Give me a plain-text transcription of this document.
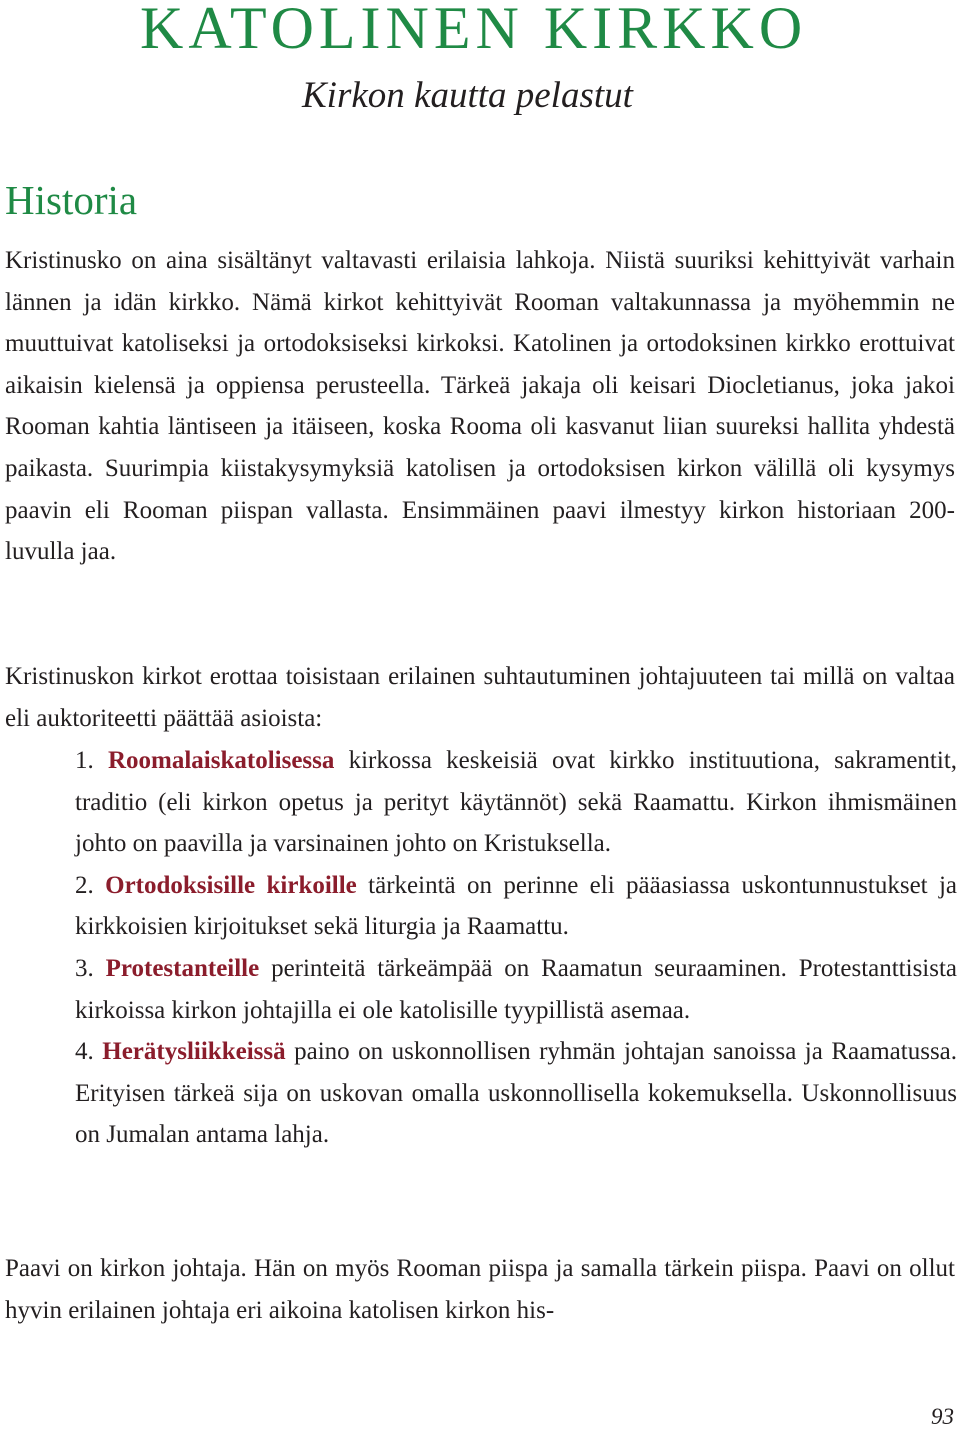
KATOLINEN KIRKKO
Kirkon kautta pelastut
Historia

Kristinusko on aina sisältänyt valtavasti erilaisia lahkoja. Niistä suuriksi kehittyivät varhain lännen ja idän kirkko. Nämä kirkot kehittyivät Rooman valtakunnassa ja myöhemmin ne muuttuivat katoliseksi ja ortodoksiseksi kirkoksi. Katolinen ja ortodoksinen kirkko erottuivat aikaisin kielensä ja oppiensa perusteella. Tärkeä jakaja oli keisari Diocletianus, joka jakoi Rooman kahtia läntiseen ja itäiseen, koska Rooma oli kasvanut liian suureksi hallita yhdestä paikasta. Suurimpia kiistakysymyksiä katolisen ja ortodoksisen kirkon välillä oli kysymys paavin eli Rooman piispan vallasta. Ensimmäinen paavi ilmestyy kirkon historiaan 200-luvulla jaa.

Kristinuskon kirkot erottaa toisistaan erilainen suhtautuminen johtajuuteen tai millä on valtaa eli auktoriteetti päättää asioista:

1. Roomalaiskatolisessa kirkossa keskeisiä ovat kirkko instituutiona, sakramentit, traditio (eli kirkon opetus ja perityt käytännöt) sekä Raamattu. Kirkon ihmismäinen johto on paavilla ja varsinainen johto on Kristuksella.
2. Ortodoksisille kirkoille tärkeintä on perinne eli pääasiassa uskontunnustukset ja kirkkoisien kirjoitukset sekä liturgia ja Raamattu.
3. Protestanteille perinteitä tärkeämpää on Raamatun seuraaminen. Protestanttisista kirkoissa kirkon johtajilla ei ole katolisille tyypillistä asemaa.
4. Herätysliikkeissä paino on uskonnollisen ryhmän johtajan sanoissa ja Raamatussa. Erityisen tärkeä sija on uskovan omalla uskonnollisella kokemuksella. Uskonnollisuus on Jumalan antama lahja.

Paavi on kirkon johtaja. Hän on myös Rooman piispa ja samalla tärkein piispa. Paavi on ollut hyvin erilainen johtaja eri aikoina katolisen kirkon his-

93
